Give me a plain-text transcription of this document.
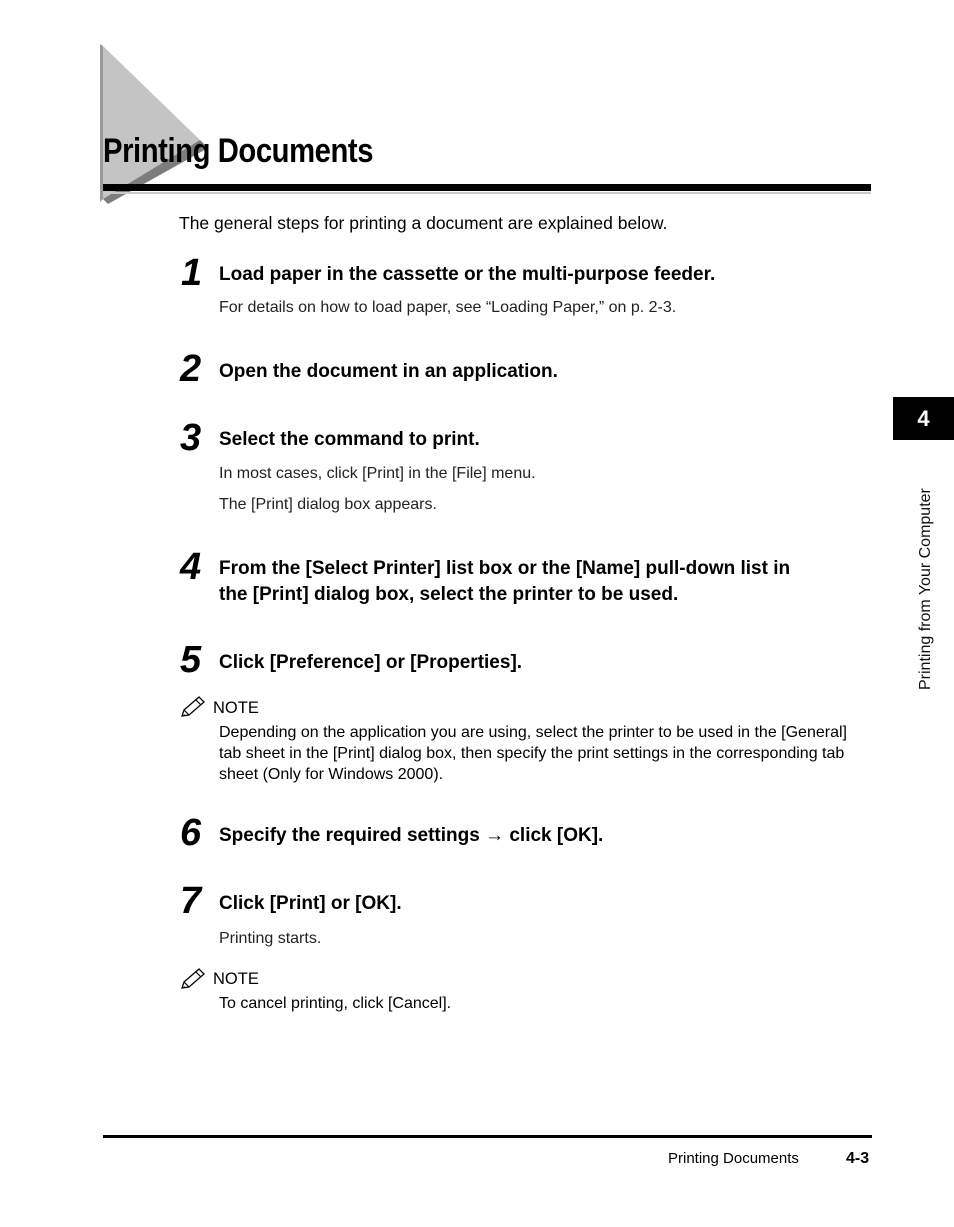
Printing Documents
The general steps for printing a document are explained below.
1 Load paper in the cassette or the multi-purpose feeder.
For details on how to load paper, see “Loading Paper,” on p. 2-3.
2 Open the document in an application.
3 Select the command to print.
In most cases, click [Print] in the [File] menu.
The [Print] dialog box appears.
4 From the [Select Printer] list box or the [Name] pull-down list in
the [Print] dialog box, select the printer to be used.
5 Click [Preference] or [Properties].
NOTE
Depending on the application you are using, select the printer to be used in the [General]
tab sheet in the [Print] dialog box, then specify the print settings in the corresponding tab
sheet (Only for Windows 2000).
6 Specify the required settings → click [OK].
7 Click [Print] or [OK].
Printing starts.
NOTE
To cancel printing, click [Cancel].
4
Printing from Your Computer
Printing Documents	4-3
